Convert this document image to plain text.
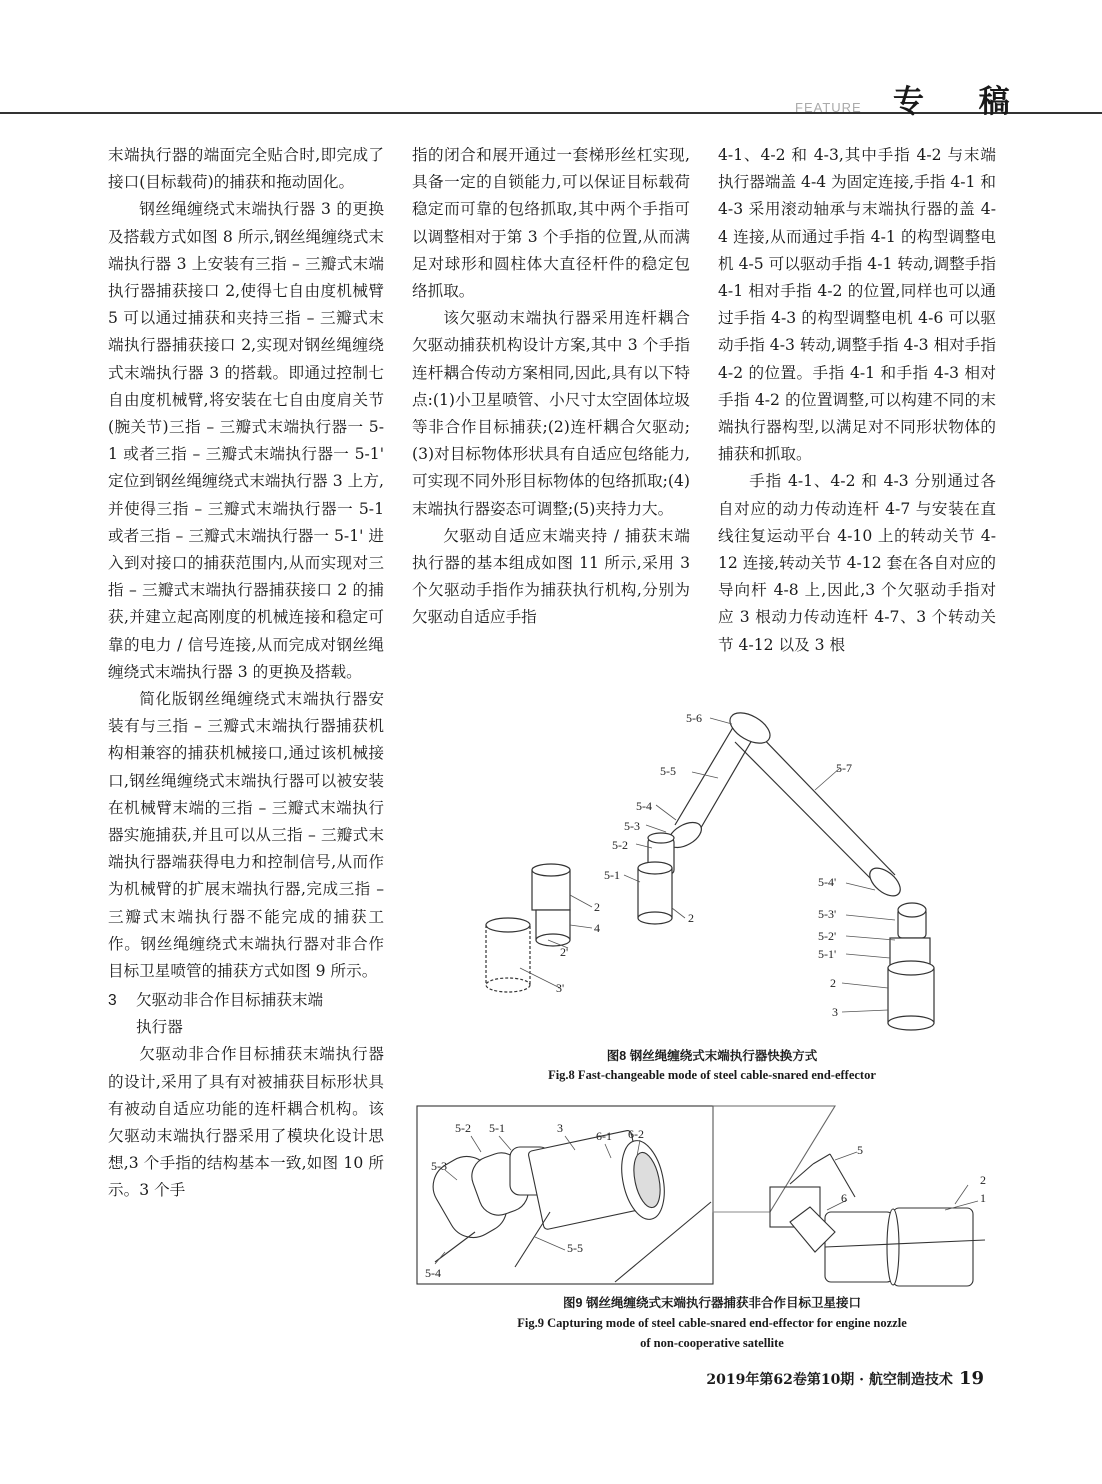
FEATURE 专 稿

末端执行器的端面完全贴合时,即完成了接口(目标载荷)的捕获和拖动固化。

钢丝绳缠绕式末端执行器 3 的更换及搭载方式如图 8 所示,钢丝绳缠绕式末端执行器 3 上安装有三指 – 三瓣式末端执行器捕获接口 2,使得七自由度机械臂 5 可以通过捕获和夹持三指 – 三瓣式末端执行器捕获接口 2,实现对钢丝绳缠绕式末端执行器 3 的搭载。即通过控制七自由度机械臂,将安装在七自由度肩关节(腕关节)三指 – 三瓣式末端执行器一 5-1 或者三指 – 三瓣式末端执行器一 5-1' 定位到钢丝绳缠绕式末端执行器 3 上方,并使得三指 – 三瓣式末端执行器一 5-1 或者三指 – 三瓣式末端执行器一 5-1' 进入到对接口的捕获范围内,从而实现对三指 – 三瓣式末端执行器捕获接口 2 的捕获,并建立起高刚度的机械连接和稳定可靠的电力 / 信号连接,从而完成对钢丝绳缠绕式末端执行器 3 的更换及搭载。

简化版钢丝绳缠绕式末端执行器安装有与三指 – 三瓣式末端执行器捕获机构相兼容的捕获机械接口,通过该机械接口,钢丝绳缠绕式末端执行器可以被安装在机械臂末端的三指 – 三瓣式末端执行器实施捕获,并且可以从三指 – 三瓣式末端执行器端获得电力和控制信号,从而作为机械臂的扩展末端执行器,完成三指 – 三瓣式末端执行器不能完成的捕获工作。钢丝绳缠绕式末端执行器对非合作目标卫星喷管的捕获方式如图 9 所示。

3 欠驱动非合作目标捕获末端
执行器

欠驱动非合作目标捕获末端执行器的设计,采用了具有对被捕获目标形状具有被动自适应功能的连杆耦合机构。该欠驱动末端执行器采用了模块化设计思想,3 个手指的结构基本一致,如图 10 所示。3 个手

指的闭合和展开通过一套梯形丝杠实现,具备一定的自锁能力,可以保证目标载荷稳定而可靠的包络抓取,其中两个手指可以调整相对于第 3 个手指的位置,从而满足对球形和圆柱体大直径杆件的稳定包络抓取。

该欠驱动末端执行器采用连杆耦合欠驱动捕获机构设计方案,其中 3 个手指连杆耦合传动方案相同,因此,具有以下特点:(1)小卫星喷管、小尺寸太空固体垃圾等非合作目标捕获;(2)连杆耦合欠驱动;(3)对目标物体形状具有自适应包络能力,可实现不同外形目标物体的包络抓取;(4)末端执行器姿态可调整;(5)夹持力大。

欠驱动自适应末端夹持 / 捕获末端执行器的基本组成如图 11 所示,采用 3 个欠驱动手指作为捕获执行机构,分别为欠驱动自适应手指

4-1、4-2 和 4-3,其中手指 4-2 与末端执行器端盖 4-4 为固定连接,手指 4-1 和 4-3 采用滚动轴承与末端执行器的盖 4-4 连接,从而通过手指 4-1 的构型调整电机 4-5 可以驱动手指 4-1 转动,调整手指 4-1 相对手指 4-2 的位置,同样也可以通过手指 4-3 的构型调整电机 4-6 可以驱动手指 4-3 转动,调整手指 4-3 相对手指 4-2 的位置。手指 4-1 和手指 4-3 相对手指 4-2 的位置调整,可以构建不同的末端执行器构型,以满足对不同形状物体的捕获和抓取。

手指 4-1、4-2 和 4-3 分别通过各自对应的动力传动连杆 4-7 与安装在直线往复运动平台 4-10 上的转动关节 4-12 连接,转动关节 4-12 套在各自对应的导向杆 4-8 上,因此,3 个欠驱动手指对应 3 根动力传动连杆 4-7、3 个转动关节 4-12 以及 3 根

5-6
5-5	5-7
5-4
5-3
5-2
5-1
2
4
2
2'
3'
5-4'
5-3'
5-2'
5-1'
2
3
图8 钢丝绳缠绕式末端执行器快换方式
Fig.8 Fast-changeable mode of steel cable-snared end-effector
5-2 5-1	3
6-1 6-2
5-3
5-5
5-4
5
6
2
1
图9 钢丝绳缠绕式末端执行器捕获非合作目标卫星接口
Fig.9 Capturing mode of steel cable-snared end-effector for engine nozzle
of non-cooperative satellite
2019年第62卷第10期 · 航空制造技术 19
